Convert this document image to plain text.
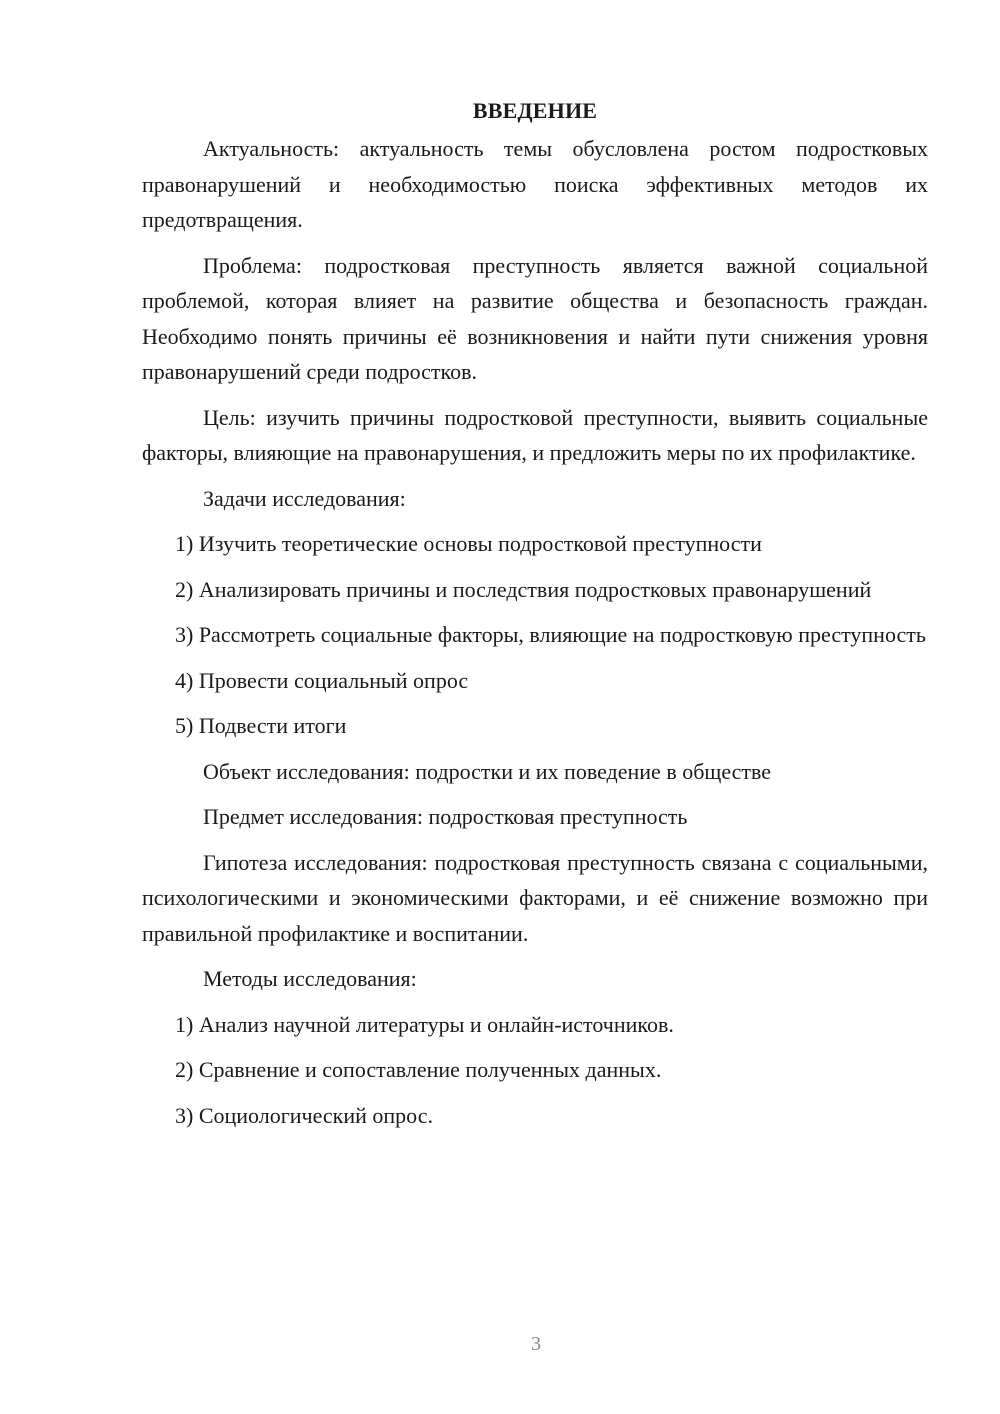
ВВЕДЕНИЕ

Актуальность: актуальность темы обусловлена ростом подростковых правонарушений и необходимостью поиска эффективных методов их предотвращения.

Проблема: подростковая преступность является важной социальной проблемой, которая влияет на развитие общества и безопасность граждан. Необходимо понять причины её возникновения и найти пути снижения уровня правонарушений среди подростков.

Цель: изучить причины подростковой преступности, выявить социальные факторы, влияющие на правонарушения, и предложить меры по их профилактике.

Задачи исследования:

1) Изучить теоретические основы подростковой преступности

2) Анализировать причины и последствия подростковых правонарушений

3) Рассмотреть социальные факторы, влияющие на подростковую преступность

4) Провести социальный опрос

5) Подвести итоги

Объект исследования: подростки и их поведение в обществе

Предмет исследования: подростковая преступность

Гипотеза исследования: подростковая преступность связана с социальными, психологическими и экономическими факторами, и её снижение возможно при правильной профилактике и воспитании.

Методы исследования:

1) Анализ научной литературы и онлайн-источников.

2) Сравнение и сопоставление полученных данных.

3) Социологический опрос.

3
